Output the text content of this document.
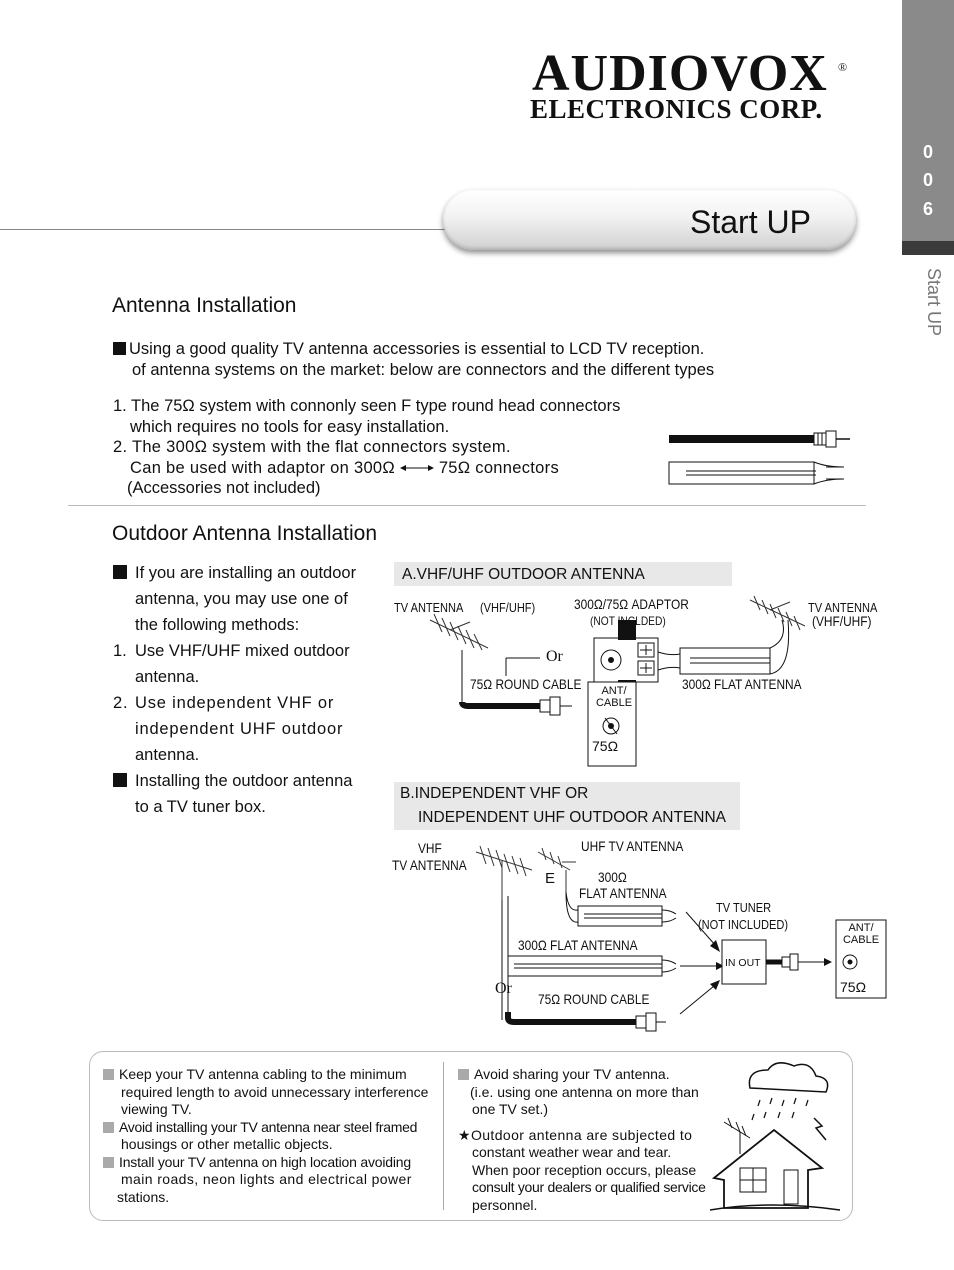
0
0
6
Start UP
AUDIOVOX ®
ELECTRONICS CORP.
Start UP
Antenna Installation
Using a good quality TV antenna accessories is essential to LCD TV reception.
of antenna systems on the market: below are connectors and the different types
1. The 75Ω system with connonly seen F type round head connectors
which requires no tools for easy installation.
2. The 300Ω system with the flat connectors system.
Can be used with adaptor on 300Ω	75Ω connectors
(Accessories not included)
Outdoor Antenna Installation
If you are installing an outdoor
antenna, you may use one of
the following methods:
1. Use VHF/UHF mixed outdoor
antenna.
2. Use independent VHF or
independent UHF outdoor
antenna.
Installing the outdoor antenna
to a TV tuner box.
A.VHF/UHF OUTDOOR ANTENNA
TV ANTENNA (VHF/UHF)	300Ω/75Ω ADAPTOR
(NOT INCLDED)
TV ANTENNA
(VHF/UHF)
Or
75Ω ROUND CABLE	300Ω FLAT ANTENNA
ANT/
CABLE
75Ω
B.INDEPENDENT VHF OR
INDEPENDENT UHF OUTDOOR ANTENNA
VHF
TV ANTENNA
UHF TV ANTENNA
E	300Ω
FLAT ANTENNA
TV TUNER
(NOT INCLUDED)
300Ω FLAT ANTENNA
IN OUT
Or
75Ω ROUND CABLE
ANT/
CABLE
75Ω
Keep your TV antenna cabling to the minimum
required length to avoid unnecessary interference
viewing TV.
Avoid installing your TV antenna near steel framed
housings or other metallic objects.
Install your TV antenna on high location avoiding
main roads, neon lights and electrical power
stations.
Avoid sharing your TV antenna.
(i.e. using one antenna on more than
one TV set.)
★Outdoor antenna are subjected to
constant weather wear and tear.
When poor reception occurs, please
consult your dealers or qualified service
personnel.
